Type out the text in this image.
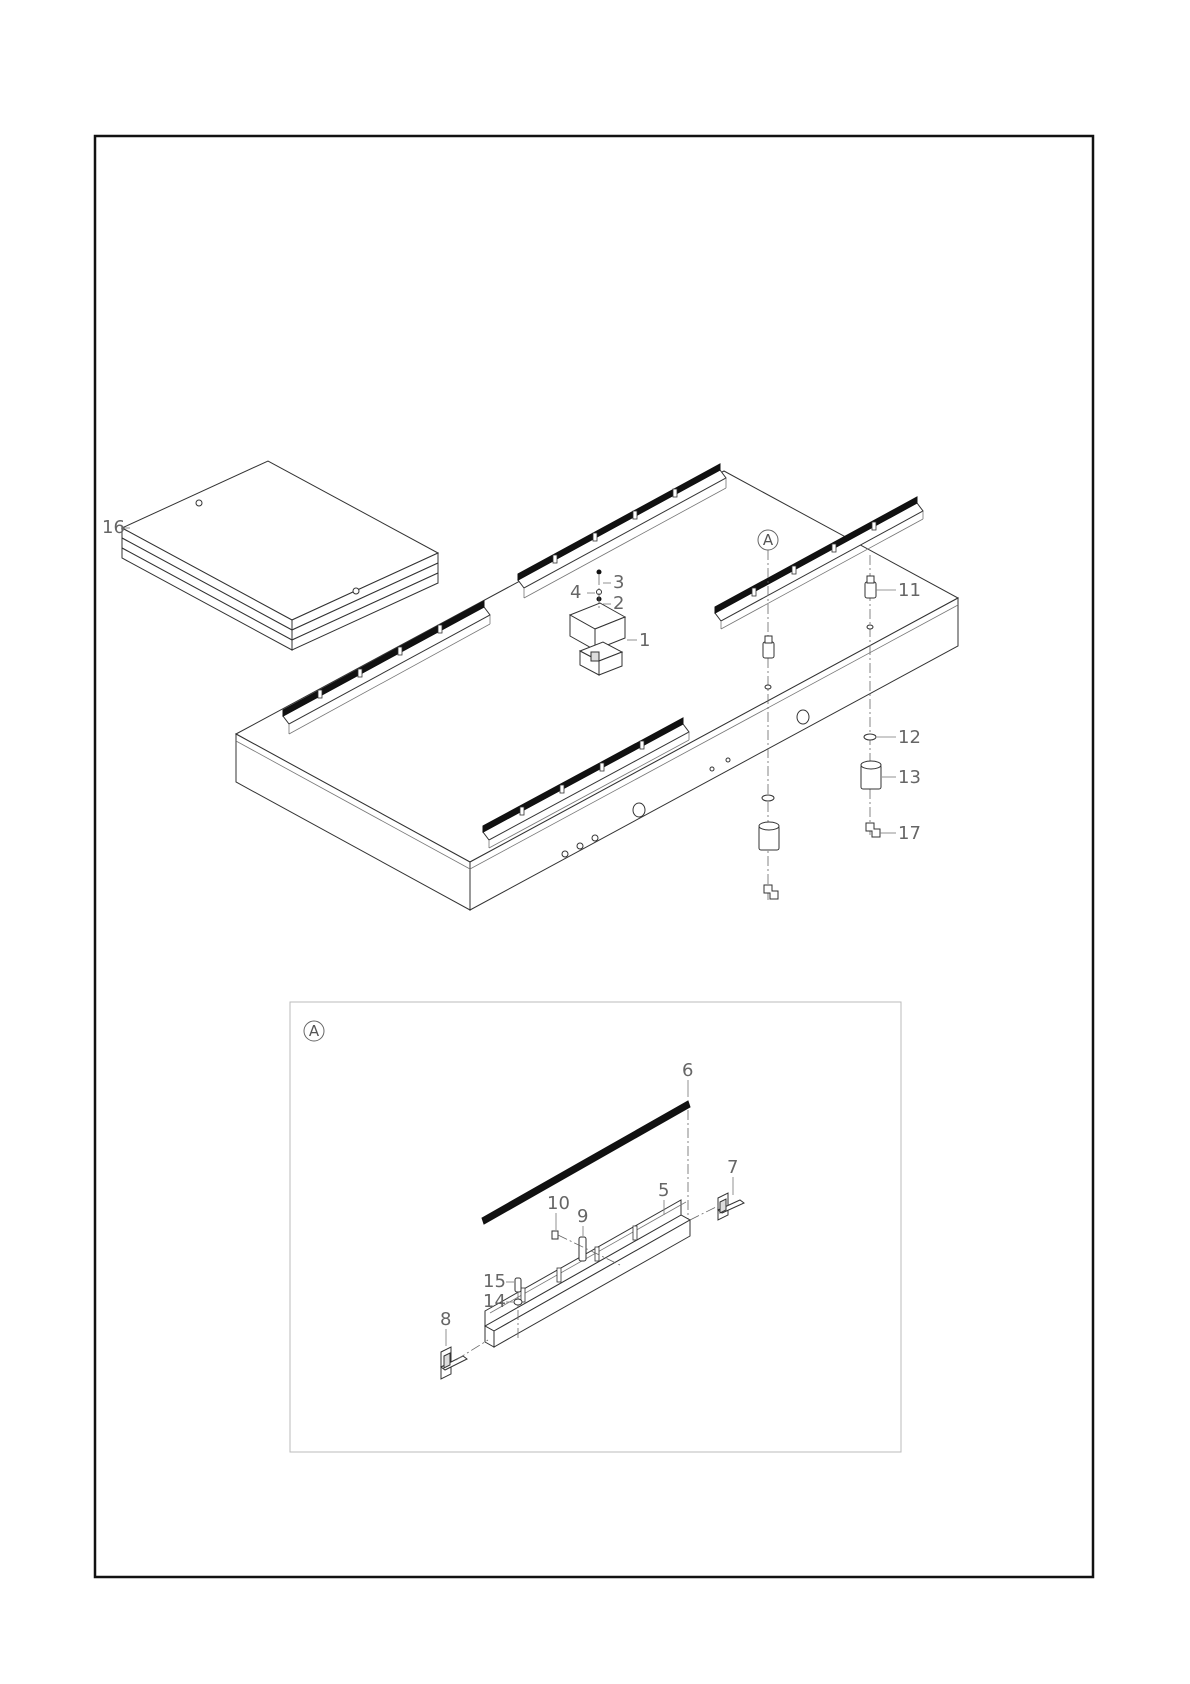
A
16
3
4
2
1
11
12
13
17
A
6
7
5
9
10
15
14
8
